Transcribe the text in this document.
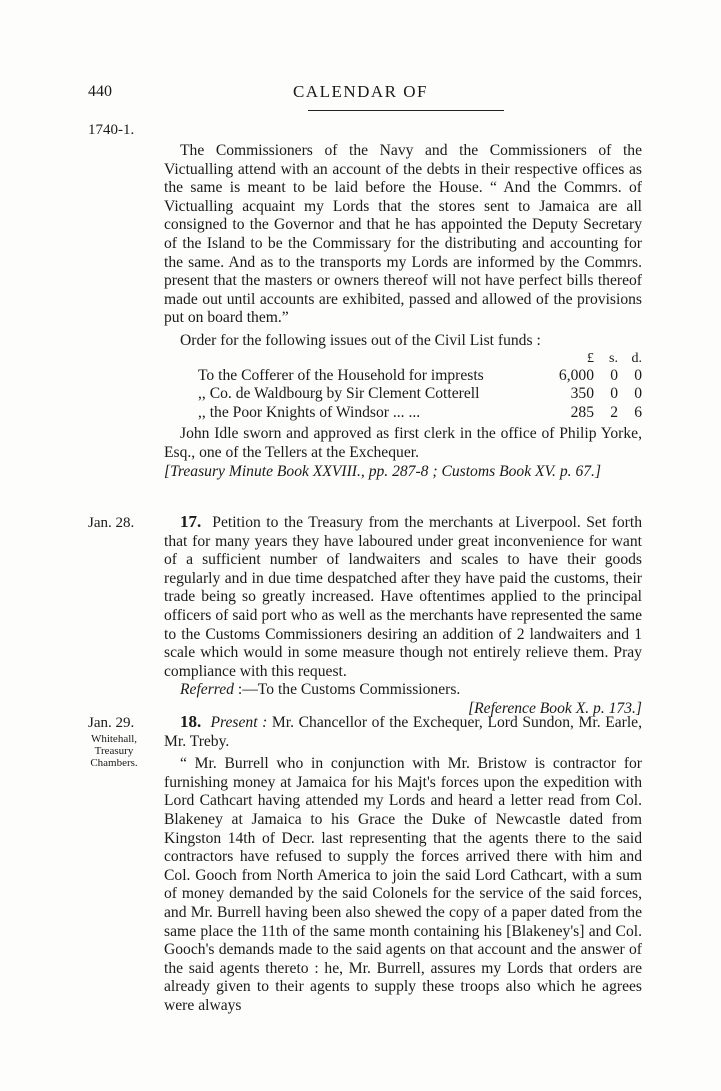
440	CALENDAR OF
1740-1.

The Commissioners of the Navy and the Commissioners of the Victualling attend with an account of the debts in their respective offices as the same is meant to be laid before the House. “ And the Commrs. of Victualling acquaint my Lords that the stores sent to Jamaica are all consigned to the Governor and that he has appointed the Deputy Secretary of the Island to be the Commissary for the distributing and accounting for the same. And as to the transports my Lords are informed by the Commrs. present that the masters or owners thereof will not have perfect bills thereof made out until accounts are exhibited, passed and allowed of the provisions put on board them.”

Order for the following issues out of the Civil List funds :

	£	s.	d.
To the Cofferer of the Household for imprests	6,000	0	0
,, Co. de Waldbourg by Sir Clement Cotterell	350	0	0
,, the Poor Knights of Windsor ... ...	285	2	6

John Idle sworn and approved as first clerk in the office of Philip Yorke, Esq., one of the Tellers at the Exchequer.

[Treasury Minute Book XXVIII., pp. 287-8 ; Customs Book XV. p. 67.]

Jan. 28.	17. Petition to the Treasury from the merchants at Liverpool. Set forth that for many years they have laboured under great inconvenience for want of a sufficient number of landwaiters and scales to have their goods regularly and in due time despatched after they have paid the customs, their trade being so greatly increased. Have oftentimes applied to the principal officers of said port who as well as the merchants have represented the same to the Customs Commissioners desiring an addition of 2 landwaiters and 1 scale which would in some measure though not entirely relieve them. Pray compliance with this request.

Referred :—To the Customs Commissioners.

[Reference Book X. p. 173.]

Jan. 29.
Whitehall,
Treasury
Chambers.

18. Present : Mr. Chancellor of the Exchequer, Lord Sundon, Mr. Earle, Mr. Treby.

“ Mr. Burrell who in conjunction with Mr. Bristow is contractor for furnishing money at Jamaica for his Majt's forces upon the expedition with Lord Cathcart having attended my Lords and heard a letter read from Col. Blakeney at Jamaica to his Grace the Duke of Newcastle dated from Kingston 14th of Decr. last representing that the agents there to the said contractors have refused to supply the forces arrived there with him and Col. Gooch from North America to join the said Lord Cathcart, with a sum of money demanded by the said Colonels for the service of the said forces, and Mr. Burrell having been also shewed the copy of a paper dated from the same place the 11th of the same month containing his [Blakeney's] and Col. Gooch's demands made to the said agents on that account and the answer of the said agents thereto : he, Mr. Burrell, assures my Lords that orders are already given to their agents to supply these troops also which he agrees were always
